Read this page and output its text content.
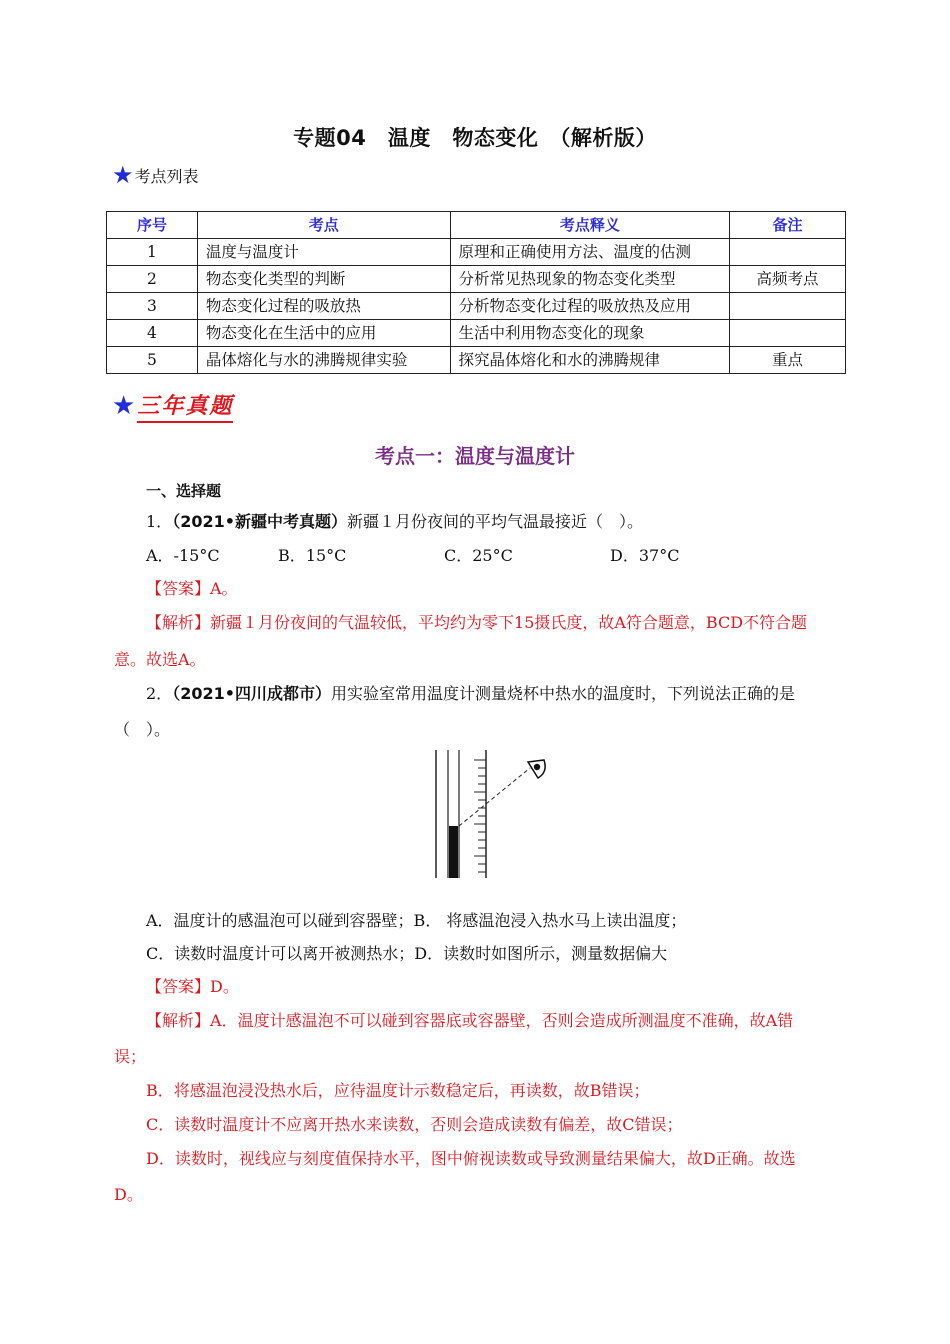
专题04　温度　物态变化　（解析版）
★ 考点列表
序号	考点	考点释义	备注
1	温度与温度计	原理和正确使用方法、温度的估测	
2	物态变化类型的判断	分析常见热现象的物态变化类型	高频考点
3	物态变化过程的吸放热	分析物态变化过程的吸放热及应用	
4	物态变化在生活中的应用	生活中利用物态变化的现象	
5	晶体熔化与水的沸腾规律实验	探究晶体熔化和水的沸腾规律	重点
★ 三年真题
考点一：温度与温度计
一、选择题
1．（2021•新疆中考真题）新疆１月份夜间的平均气温最接近（　）。
A．-15°C	B．15°C	C．25°C	D．37°C
【答案】A。
【解析】新疆１月份夜间的气温较低，平均约为零下15摄氏度，故A符合题意，BCD不符合题
意。故选A。
2．（2021•四川成都市）用实验室常用温度计测量烧杯中热水的温度时，下列说法正确的是
（　）。
A．温度计的感温泡可以碰到容器壁；B． 将感温泡浸入热水马上读出温度；
C．读数时温度计可以离开被测热水；D．读数时如图所示，测量数据偏大
【答案】D。
【解析】A．温度计感温泡不可以碰到容器底或容器壁，否则会造成所测温度不准确，故A错
误；
B．将感温泡浸没热水后，应待温度计示数稳定后，再读数，故B错误；
C．读数时温度计不应离开热水来读数，否则会造成读数有偏差，故C错误；
D．读数时，视线应与刻度值保持水平，图中俯视读数或导致测量结果偏大，故D正确。故选
D。
